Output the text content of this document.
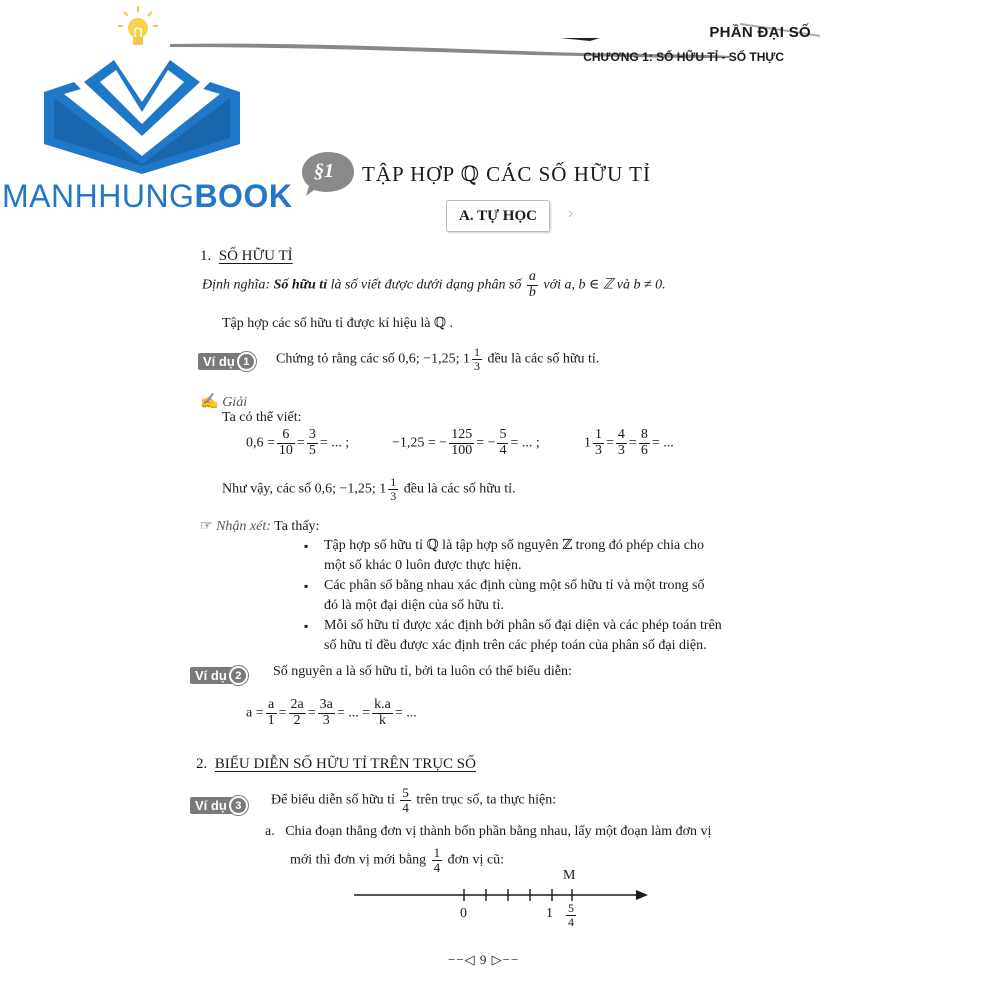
PHẦN ĐẠI SỐ
CHƯƠNG 1: SỐ HỮU TỈ - SỐ THỰC
MANHHUNGBOOK
§1 TẬP HỢP ℚ CÁC SỐ HỮU TỈ
A. TỰ HỌC	›
1. SỐ HỮU TỈ
Định nghĩa: Số hữu tỉ là số viết được dưới dạng phân số $\frac{a}{b}$ với a, b ∈ ℤ và b ≠ 0.
Tập hợp các số hữu tỉ được kí hiệu là ℚ .
Ví dụ 1	Chứng tỏ rằng các số 0,6; −1,25; $1 \frac{1}{3}$ đều là các số hữu tỉ.
✍ Giải
Ta có thể viết:
$0,6 = \frac{6}{10} = \frac{3}{5}$ = ... ;	−1,25 = − $\frac{125}{100}$ = − $\frac{5}{4}$ = ... ;	$1 \frac{1}{3} = \frac{4}{3} = \frac{8}{6}$ = ...
Như vậy, các số 0,6; −1,25; $1 \frac{1}{3}$ đều là các số hữu tỉ.
☞ Nhận xét: Ta thấy:
▪ Tập hợp số hữu tỉ ℚ là tập hợp số nguyên ℤ trong đó phép chia cho
một số khác 0 luôn được thực hiện.
▪ Các phân số bằng nhau xác định cùng một số hữu tỉ và một trong số
đó là một đại diện của số hữu tỉ.
▪ Mỗi số hữu tỉ được xác định bởi phân số đại diện và các phép toán trên
số hữu tỉ đều được xác định trên các phép toán của phân số đại diện.
Ví dụ 2	Số nguyên a là số hữu tỉ, bởi ta luôn có thể biểu diễn:
$a = \frac{a}{1} = \frac{2a}{2} = \frac{3a}{3}$ = ... = $\frac{k.a}{k}$ = ...
2. BIỂU DIỄN SỐ HỮU TỈ TRÊN TRỤC SỐ
Ví dụ 3	Để biểu diễn số hữu tỉ $\frac{5}{4}$ trên trục số, ta thực hiện:
a. Chia đoạn thẳng đơn vị thành bốn phần bằng nhau, lấy một đoạn làm đơn vị
mới thì đơn vị mới bằng $\frac{1}{4}$ đơn vị cũ:
M
0	$1 \frac{5}{4}$
−−◁ 9 ▷−−
